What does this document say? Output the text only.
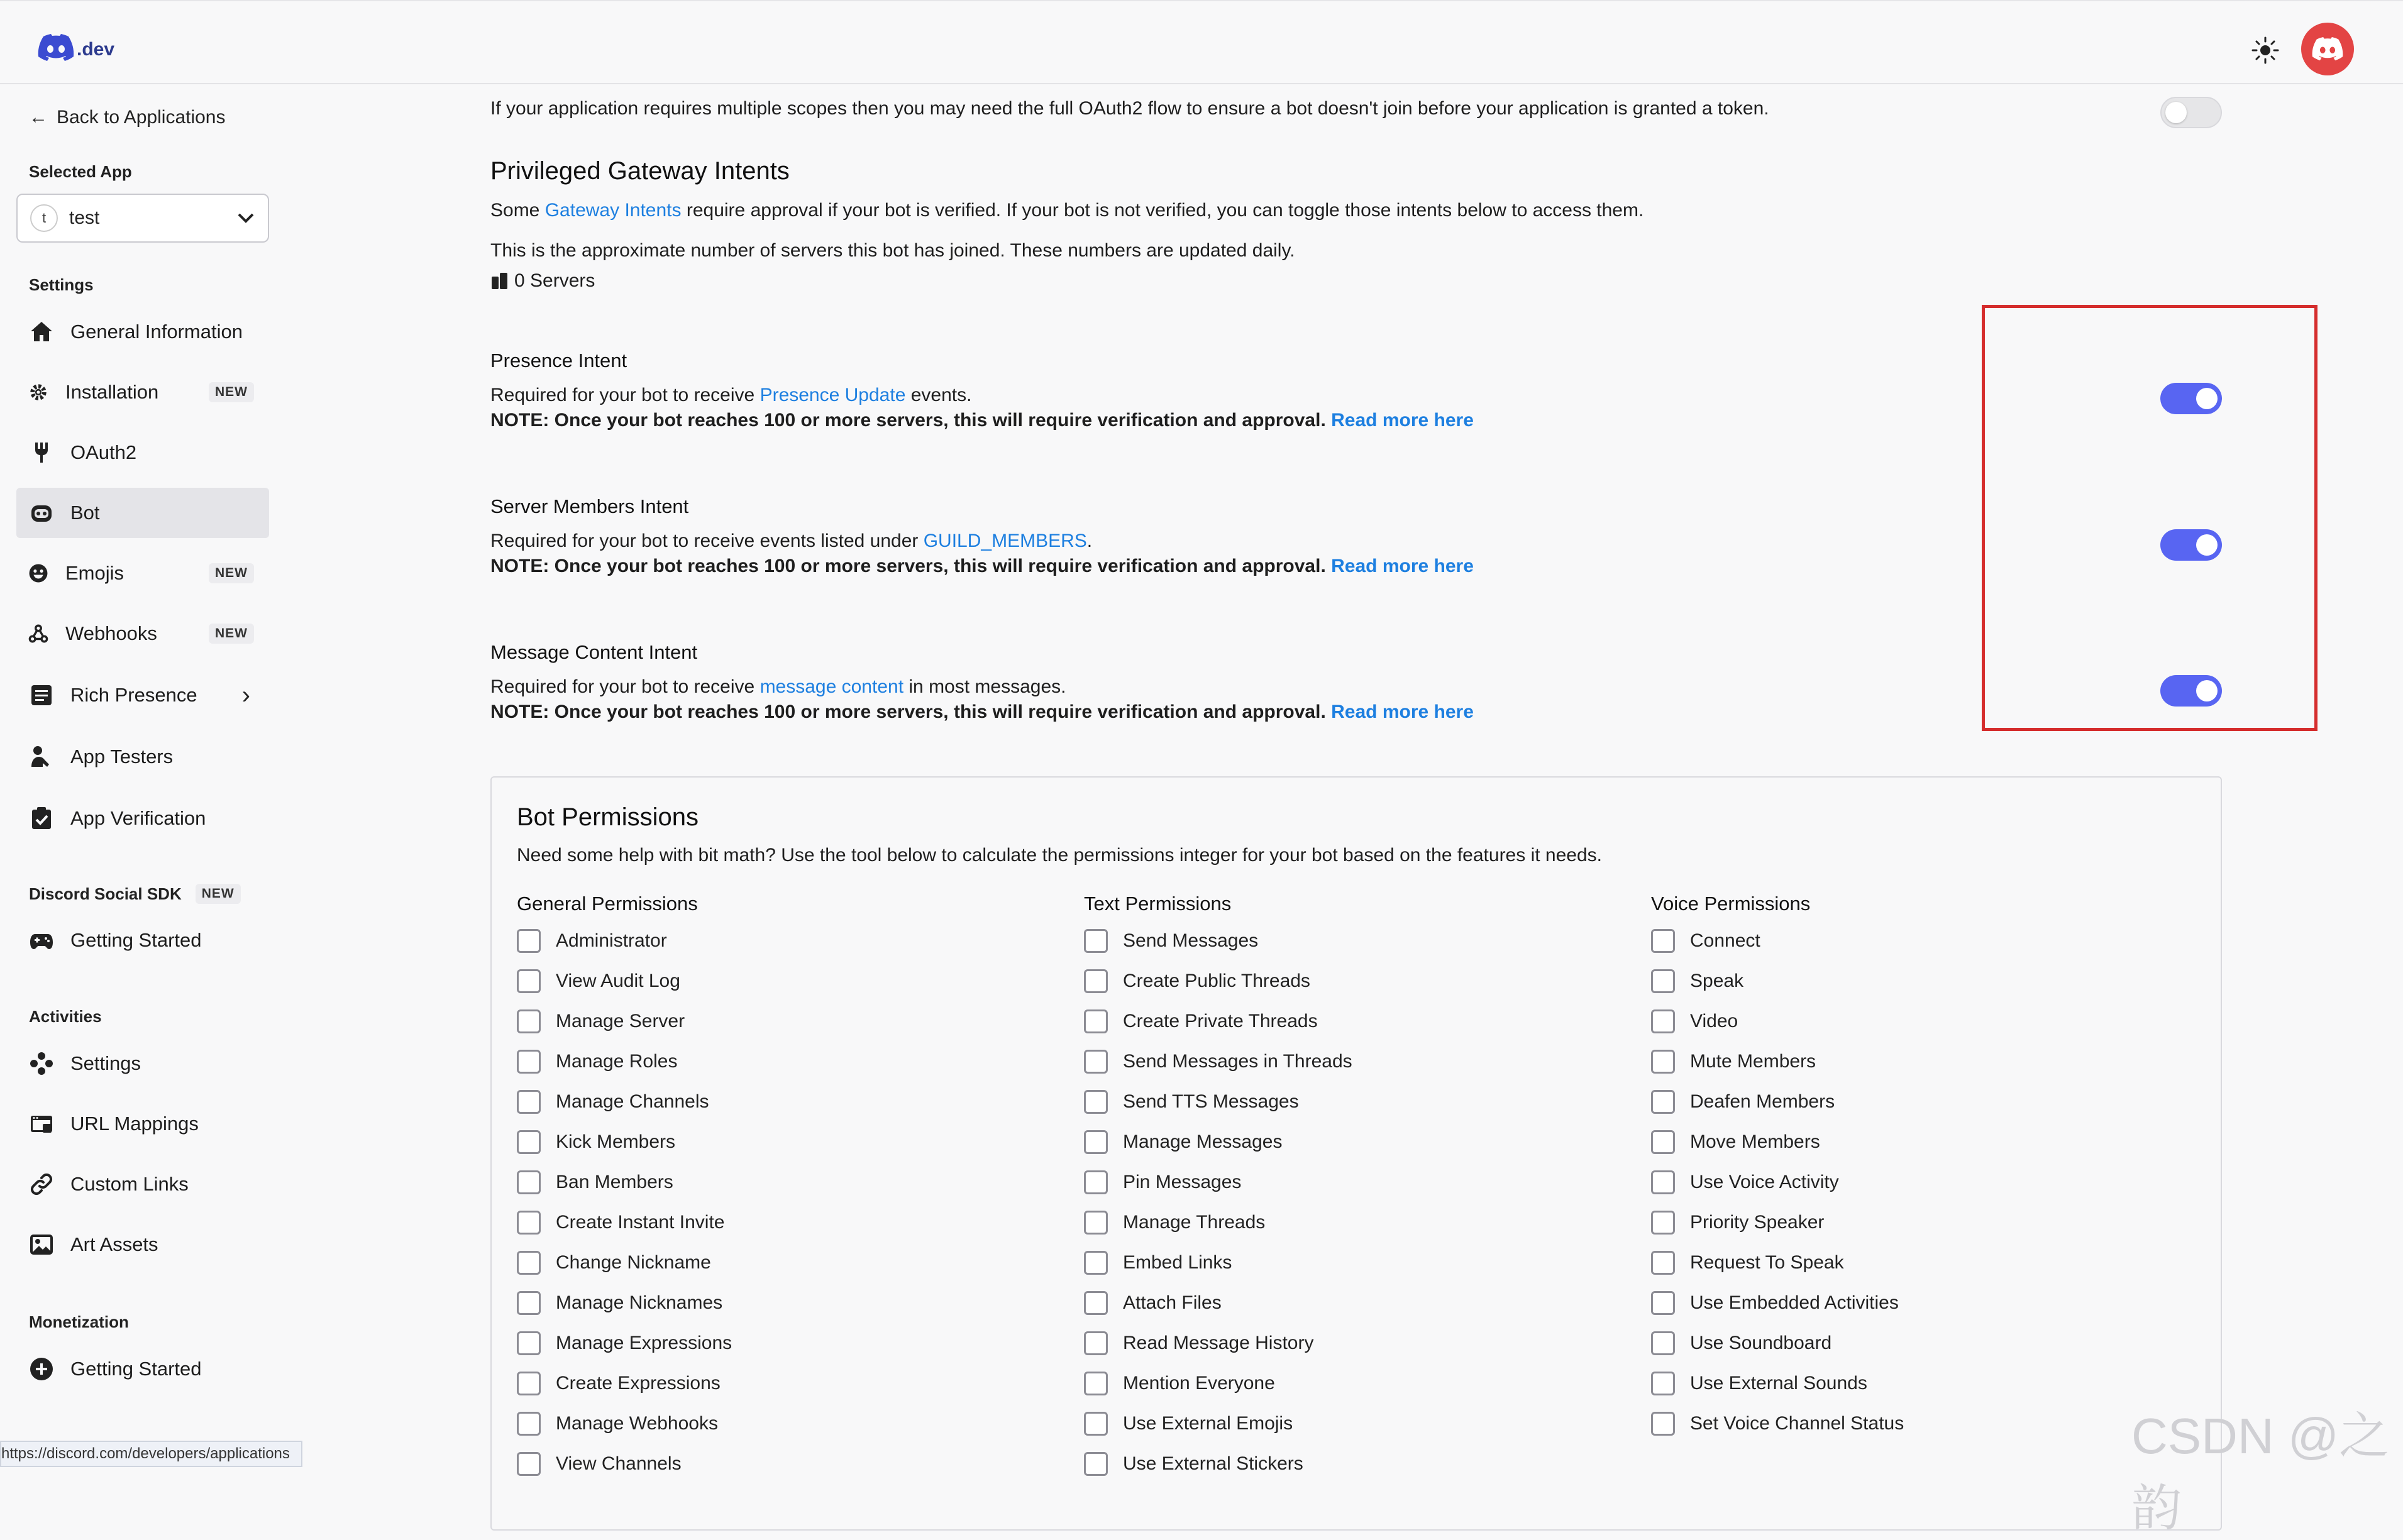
.dev
← Back to Applications
Selected App
t	test
Settings
General Information
Installation	NEW
OAuth2
Bot
Emojis	NEW
Webhooks	NEW
Rich Presence ›
App Testers
App Verification
Discord Social SDK	NEW
Getting Started
Activities
Settings
URL Mappings
Custom Links
Art Assets
Monetization
Getting Started
https://discord.com/developers/applications
If your application requires multiple scopes then you may need the full OAuth2 flow to ensure a bot doesn't join before your application is granted a token.
Privileged Gateway Intents
Some Gateway Intents require approval if your bot is verified. If your bot is not verified, you can toggle those intents below to access them.
This is the approximate number of servers this bot has joined. These numbers are updated daily.
0 Servers
Presence Intent
Required for your bot to receive Presence Update events.
NOTE: Once your bot reaches 100 or more servers, this will require verification and approval. Read more here
Server Members Intent
Required for your bot to receive events listed under GUILD_MEMBERS.
NOTE: Once your bot reaches 100 or more servers, this will require verification and approval. Read more here
Message Content Intent
Required for your bot to receive message content in most messages.
NOTE: Once your bot reaches 100 or more servers, this will require verification and approval. Read more here
Bot Permissions
Need some help with bit math? Use the tool below to calculate the permissions integer for your bot based on the features it needs.
General Permissions
Administrator
View Audit Log
Manage Server
Manage Roles
Manage Channels
Kick Members
Ban Members
Create Instant Invite
Change Nickname
Manage Nicknames
Manage Expressions
Create Expressions
Manage Webhooks
View Channels
Text Permissions
Send Messages
Create Public Threads
Create Private Threads
Send Messages in Threads
Send TTS Messages
Manage Messages
Pin Messages
Manage Threads
Embed Links
Attach Files
Read Message History
Mention Everyone
Use External Emojis
Use External Stickers
Voice Permissions
Connect
Speak
Video
Mute Members
Deafen Members
Move Members
Use Voice Activity
Priority Speaker
Request To Speak
Use Embedded Activities
Use Soundboard
Use External Sounds
Set Voice Channel Status	CSDN @之韵
